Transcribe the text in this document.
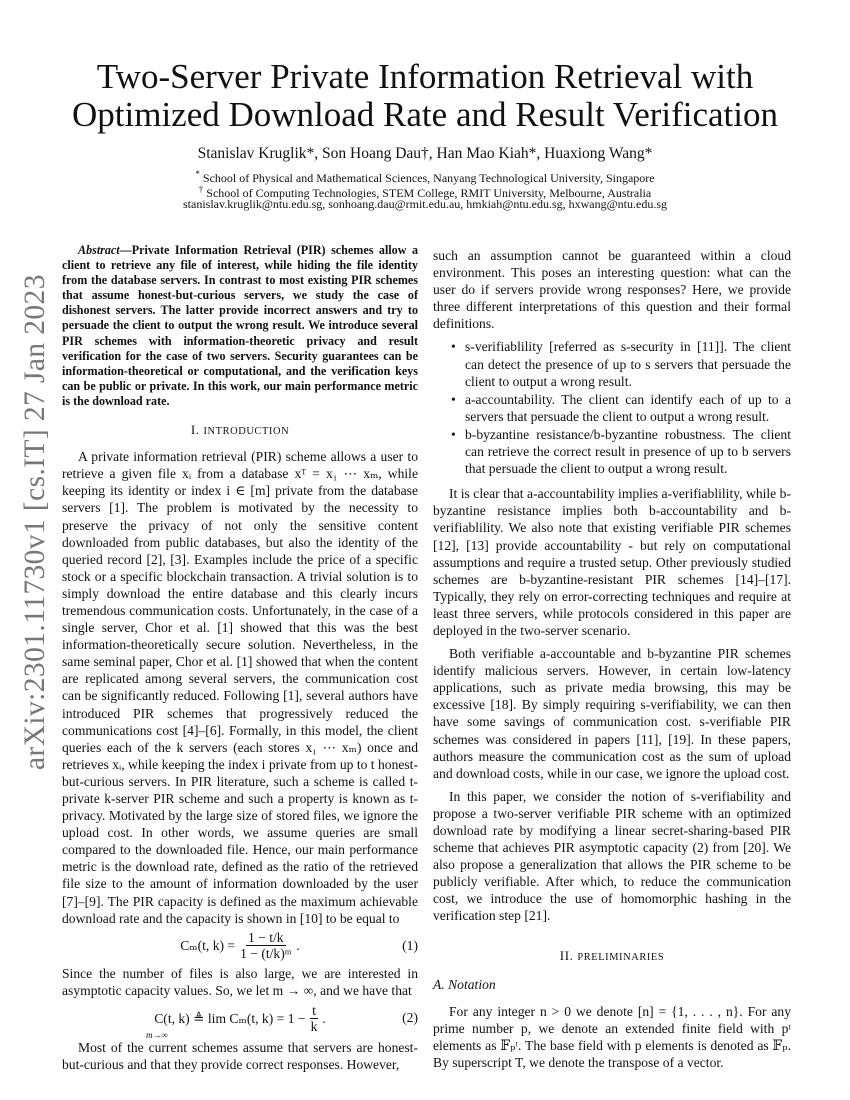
Two-Server Private Information Retrieval with
Optimized Download Rate and Result Verification
Stanislav Kruglik*, Son Hoang Dau†, Han Mao Kiah*, Huaxiong Wang*
* School of Physical and Mathematical Sciences, Nanyang Technological University, Singapore
† School of Computing Technologies, STEM College, RMIT University, Melbourne, Australia
stanislav.kruglik@ntu.edu.sg, sonhoang.dau@rmit.edu.au, hmkiah@ntu.edu.sg, hxwang@ntu.edu.sg
arXiv:2301.11730v1 [cs.IT] 27 Jan 2023

Abstract—Private Information Retrieval (PIR) schemes allow a client to retrieve any file of interest, while hiding the file identity from the database servers. In contrast to most existing PIR schemes that assume honest-but-curious servers, we study the case of dishonest servers. The latter provide incorrect answers and try to persuade the client to output the wrong result. We introduce several PIR schemes with information-theoretic privacy and result verification for the case of two servers. Security guarantees can be information-theoretical or computational, and the verification keys can be public or private. In this work, our main performance metric is the download rate.

I. INTRODUCTION

A private information retrieval (PIR) scheme allows a user to retrieve a given file xᵢ from a database xᵀ = x₁ ⋯ xₘ, while keeping its identity or index i ∈ [m] private from the database servers [1]. The problem is motivated by the necessity to preserve the privacy of not only the sensitive content downloaded from public databases, but also the identity of the queried record [2], [3]. Examples include the price of a specific stock or a specific blockchain transaction. A trivial solution is to simply download the entire database and this clearly incurs tremendous communication costs. Unfortunately, in the case of a single server, Chor et al. [1] showed that this was the best information-theoretically secure solution. Nevertheless, in the same seminal paper, Chor et al. [1] showed that when the content are replicated among several servers, the communication cost can be significantly reduced. Following [1], several authors have introduced PIR schemes that progressively reduced the communications cost [4]–[6]. Formally, in this model, the client queries each of the k servers (each stores x₁ ⋯ xₘ) once and retrieves xᵢ, while keeping the index i private from up to t honest-but-curious servers. In PIR literature, such a scheme is called t-private k-server PIR scheme and such a property is known as t-privacy. Motivated by the large size of stored files, we ignore the upload cost. In other words, we assume queries are small compared to the downloaded file. Hence, our main performance metric is the download rate, defined as the ratio of the retrieved file size to the amount of information downloaded by the user [7]–[9]. The PIR capacity is defined as the maximum achievable download rate and the capacity is shown in [10] to be equal to

Cₘ(t, $k) = \frac{1 - t/k}{\text{1 − (t/k)ᵐ}}$ .	(1)

Since the number of files is also large, we are interested in asymptotic capacity values. So, we let m → ∞, and we have that

C(t, k) ≜ lim Cₘ(t, $k) = 1 - \frac{t}{k}$ .	(2)
m→∞

Most of the current schemes assume that servers are honest-but-curious and that they provide correct responses. However,

such an assumption cannot be guaranteed within a cloud environment. This poses an interesting question: what can the user do if servers provide wrong responses? Here, we provide three different interpretations of this question and their formal definitions.

• s-verifiablility [referred as s-security in [11]]. The client can detect the presence of up to s servers that persuade the client to output a wrong result.
• a-accountability. The client can identify each of up to a servers that persuade the client to output a wrong result.
• b-byzantine resistance/b-byzantine robustness. The client can retrieve the correct result in presence of up to b servers that persuade the client to output a wrong result.

It is clear that a-accountability implies a-verifiablility, while b-byzantine resistance implies both b-accountability and b-verifiablility. We also note that existing verifiable PIR schemes [12], [13] provide accountability - but rely on computational assumptions and require a trusted setup. Other previously studied schemes are b-byzantine-resistant PIR schemes [14]–[17]. Typically, they rely on error-correcting techniques and require at least three servers, while protocols considered in this paper are deployed in the two-server scenario.

Both verifiable a-accountable and b-byzantine PIR schemes identify malicious servers. However, in certain low-latency applications, such as private media browsing, this may be excessive [18]. By simply requiring s-verifiability, we can then have some savings of communication cost. s-verifiable PIR schemes was considered in papers [11], [19]. In these papers, authors measure the communication cost as the sum of upload and download costs, while in our case, we ignore the upload cost.

In this paper, we consider the notion of s-verifiability and propose a two-server verifiable PIR scheme with an optimized download rate by modifying a linear secret-sharing-based PIR scheme that achieves PIR asymptotic capacity (2) from [20]. We also propose a generalization that allows the PIR scheme to be publicly verifiable. After which, to reduce the communication cost, we introduce the use of homomorphic hashing in the verification step [21].

II. PRELIMINARIES
A. Notation

For any integer n > 0 we denote [n] = {1, . . . , n}. For any prime number p, we denote an extended finite field with pᵗ elements as 𝔽ₚᵗ. The base field with p elements is denoted as 𝔽ₚ. By superscript T, we denote the transpose of a vector.
